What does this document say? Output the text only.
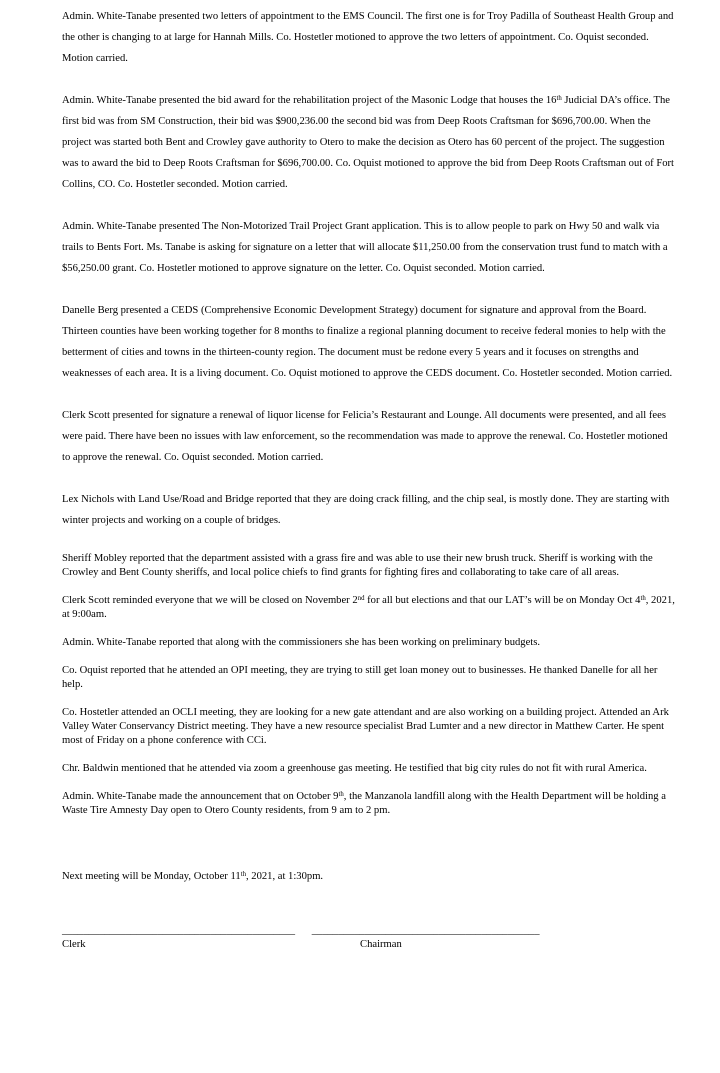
Admin. White-Tanabe presented two letters of appointment to the EMS Council. The first one is for Troy Padilla of Southeast Health Group and the other is changing to at large for Hannah Mills. Co. Hostetler motioned to approve the two letters of appointment. Co. Oquist seconded. Motion carried.

Admin. White-Tanabe presented the bid award for the rehabilitation project of the Masonic Lodge that houses the 16th Judicial DA’s office. The first bid was from SM Construction, their bid was $900,236.00 the second bid was from Deep Roots Craftsman for $696,700.00. When the project was started both Bent and Crowley gave authority to Otero to make the decision as Otero has 60 percent of the project. The suggestion was to award the bid to Deep Roots Craftsman for $696,700.00. Co. Oquist motioned to approve the bid from Deep Roots Craftsman out of Fort Collins, CO. Co. Hostetler seconded. Motion carried.

Admin. White-Tanabe presented The Non-Motorized Trail Project Grant application. This is to allow people to park on Hwy 50 and walk via trails to Bents Fort. Ms. Tanabe is asking for signature on a letter that will allocate $11,250.00 from the conservation trust fund to match with a $56,250.00 grant. Co. Hostetler motioned to approve signature on the letter. Co. Oquist seconded. Motion carried.

Danelle Berg presented a CEDS (Comprehensive Economic Development Strategy) document for signature and approval from the Board. Thirteen counties have been working together for 8 months to finalize a regional planning document to receive federal monies to help with the betterment of cities and towns in the thirteen-county region. The document must be redone every 5 years and it focuses on strengths and weaknesses of each area. It is a living document. Co. Oquist motioned to approve the CEDS document. Co. Hostetler seconded. Motion carried.

Clerk Scott presented for signature a renewal of liquor license for Felicia’s Restaurant and Lounge. All documents were presented, and all fees were paid. There have been no issues with law enforcement, so the recommendation was made to approve the renewal. Co. Hostetler motioned to approve the renewal. Co. Oquist seconded. Motion carried.

Lex Nichols with Land Use/Road and Bridge reported that they are doing crack filling, and the chip seal, is mostly done. They are starting with winter projects and working on a couple of bridges.

Sheriff Mobley reported that the department assisted with a grass fire and was able to use their new brush truck. Sheriff is working with the Crowley and Bent County sheriffs, and local police chiefs to find grants for fighting fires and collaborating to take care of all areas.

Clerk Scott reminded everyone that we will be closed on November 2nd for all but elections and that our LAT’s will be on Monday Oct 4th, 2021, at 9:00am.

Admin. White-Tanabe reported that along with the commissioners she has been working on preliminary budgets.

Co. Oquist reported that he attended an OPI meeting, they are trying to still get loan money out to businesses. He thanked Danelle for all her help.

Co. Hostetler attended an OCLI meeting, they are looking for a new gate attendant and are also working on a building project. Attended an Ark Valley Water Conservancy District meeting. They have a new resource specialist Brad Lumter and a new director in Matthew Carter. He spent most of Friday on a phone conference with CCi.

Chr. Baldwin mentioned that he attended via zoom a greenhouse gas meeting. He testified that big city rules do not fit with rural America.

Admin. White-Tanabe made the announcement that on October 9th, the Manzanola landfill along with the Health Department will be holding a Waste Tire Amnesty Day open to Otero County residents, from 9 am to 2 pm.

Next meeting will be Monday, October 11th, 2021, at 1:30pm.

____________________________________________ ___________________________________________
Clerk	Chairman
